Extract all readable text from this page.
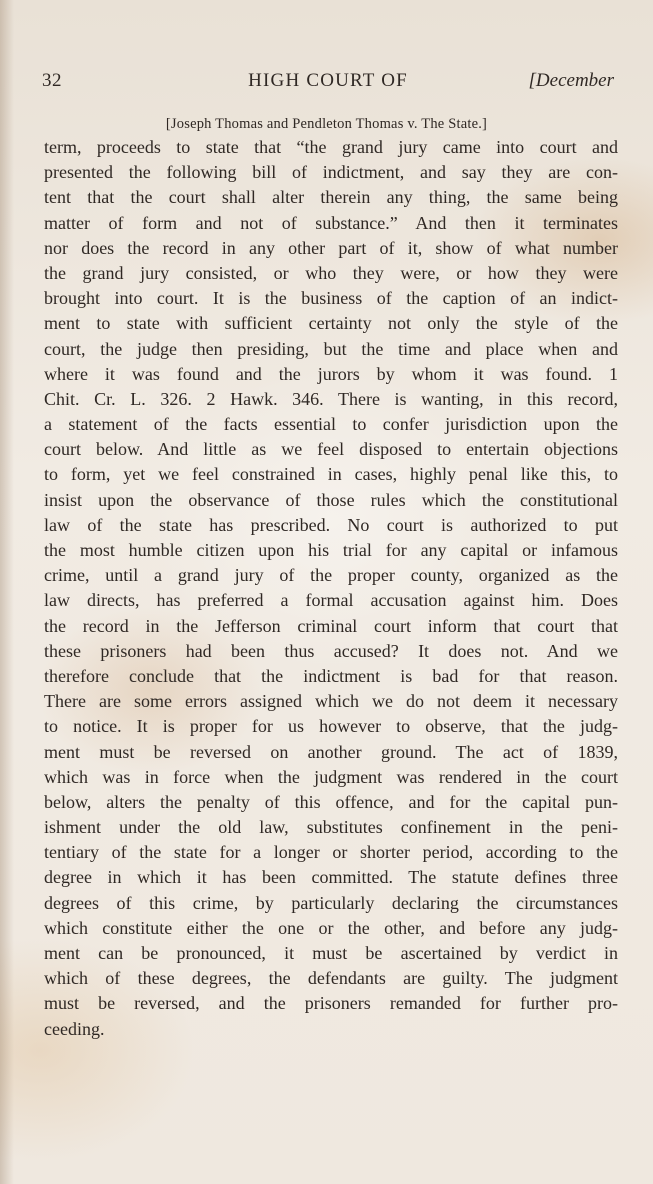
32	HIGH COURT OF	[December
[Joseph Thomas and Pendleton Thomas v. The State.]
term, proceeds to state that “the grand jury came into court and
presented the following bill of indictment, and say they are con-
tent that the court shall alter therein any thing, the same being
matter of form and not of substance.” And then it terminates
nor does the record in any other part of it, show of what number
the grand jury consisted, or who they were, or how they were
brought into court. It is the business of the caption of an indict-
ment to state with sufficient certainty not only the style of the
court, the judge then presiding, but the time and place when and
where it was found and the jurors by whom it was found. 1
Chit. Cr. L. 326. 2 Hawk. 346. There is wanting, in this record,
a statement of the facts essential to confer jurisdiction upon the
court below. And little as we feel disposed to entertain objections
to form, yet we feel constrained in cases, highly penal like this, to
insist upon the observance of those rules which the constitutional
law of the state has prescribed. No court is authorized to put
the most humble citizen upon his trial for any capital or infamous
crime, until a grand jury of the proper county, organized as the
law directs, has preferred a formal accusation against him. Does
the record in the Jefferson criminal court inform that court that
these prisoners had been thus accused? It does not. And we
therefore conclude that the indictment is bad for that reason.
There are some errors assigned which we do not deem it necessary
to notice. It is proper for us however to observe, that the judg-
ment must be reversed on another ground. The act of 1839,
which was in force when the judgment was rendered in the court
below, alters the penalty of this offence, and for the capital pun-
ishment under the old law, substitutes confinement in the peni-
tentiary of the state for a longer or shorter period, according to the
degree in which it has been committed. The statute defines three
degrees of this crime, by particularly declaring the circumstances
which constitute either the one or the other, and before any judg-
ment can be pronounced, it must be ascertained by verdict in
which of these degrees, the defendants are guilty. The judgment
must be reversed, and the prisoners remanded for further pro-
ceeding.
